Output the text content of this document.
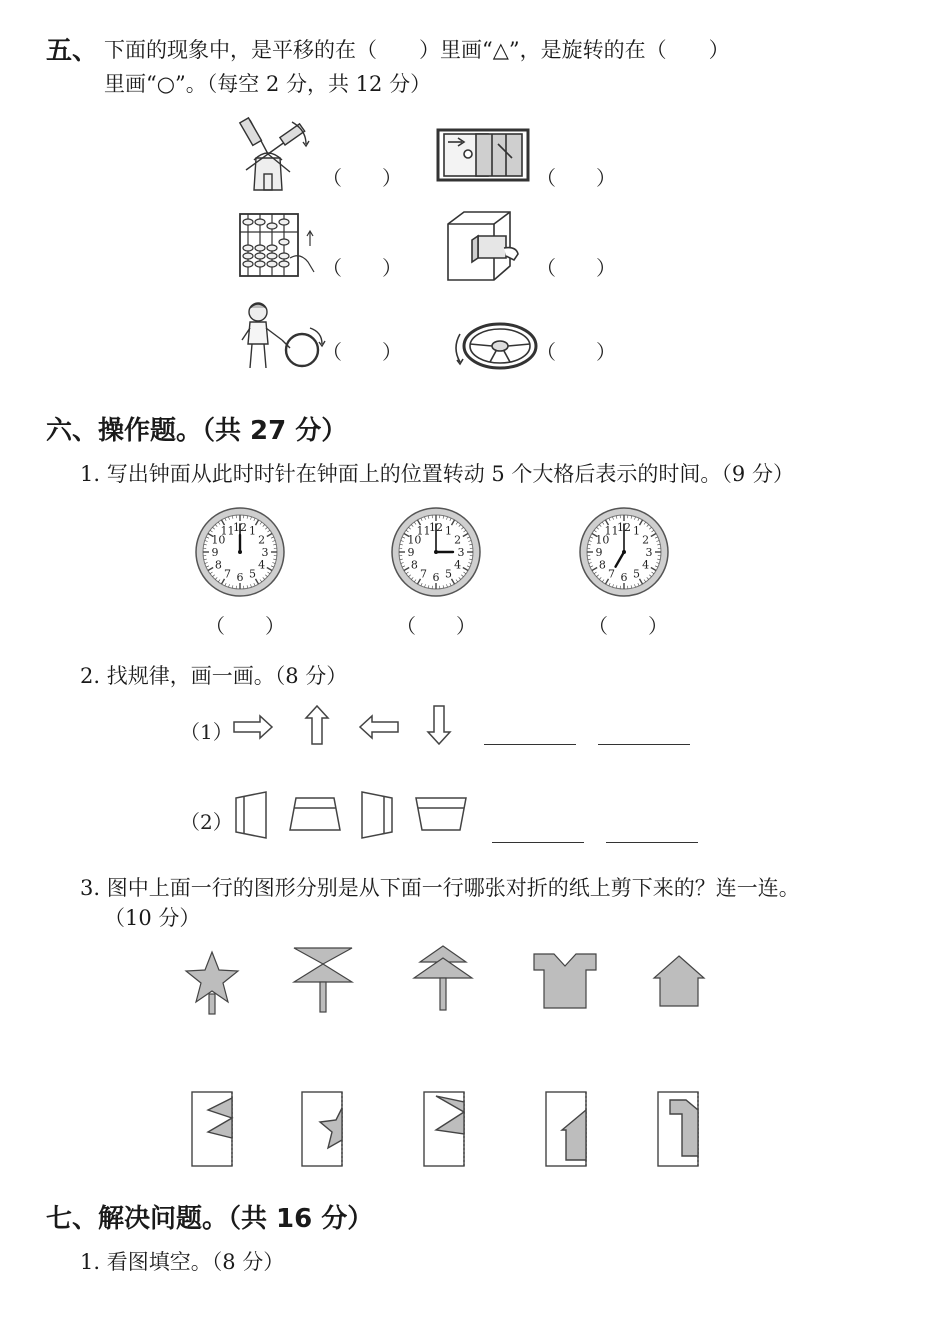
五、 下面的现象中，是平移的在（　　）里画“△”，是旋转的在（　　）
里画“○”。（每空 2 分，共 12 分）
（　　）	（　　）
（　　）	（　　）
（　　）	（　　）
六、操作题。（共 27 分）
1. 写出钟面从此时时针在钟面上的位置转动 5 个大格后表示的时间。（9 分）
12 1
2
3
4
5
6
7
8
9
10
11	12 1
2
3
4
5
6
7
8
9
10
11	12 1
2
3
4
5
6
7
8
9
10
11
（　　）	（　　）	（　　）
2. 找规律，画一画。（8 分）
（1）
（2）
3. 图中上面一行的图形分别是从下面一行哪张对折的纸上剪下来的？连一连。
（10 分）
七、解决问题。（共 16 分）
1. 看图填空。（8 分）
